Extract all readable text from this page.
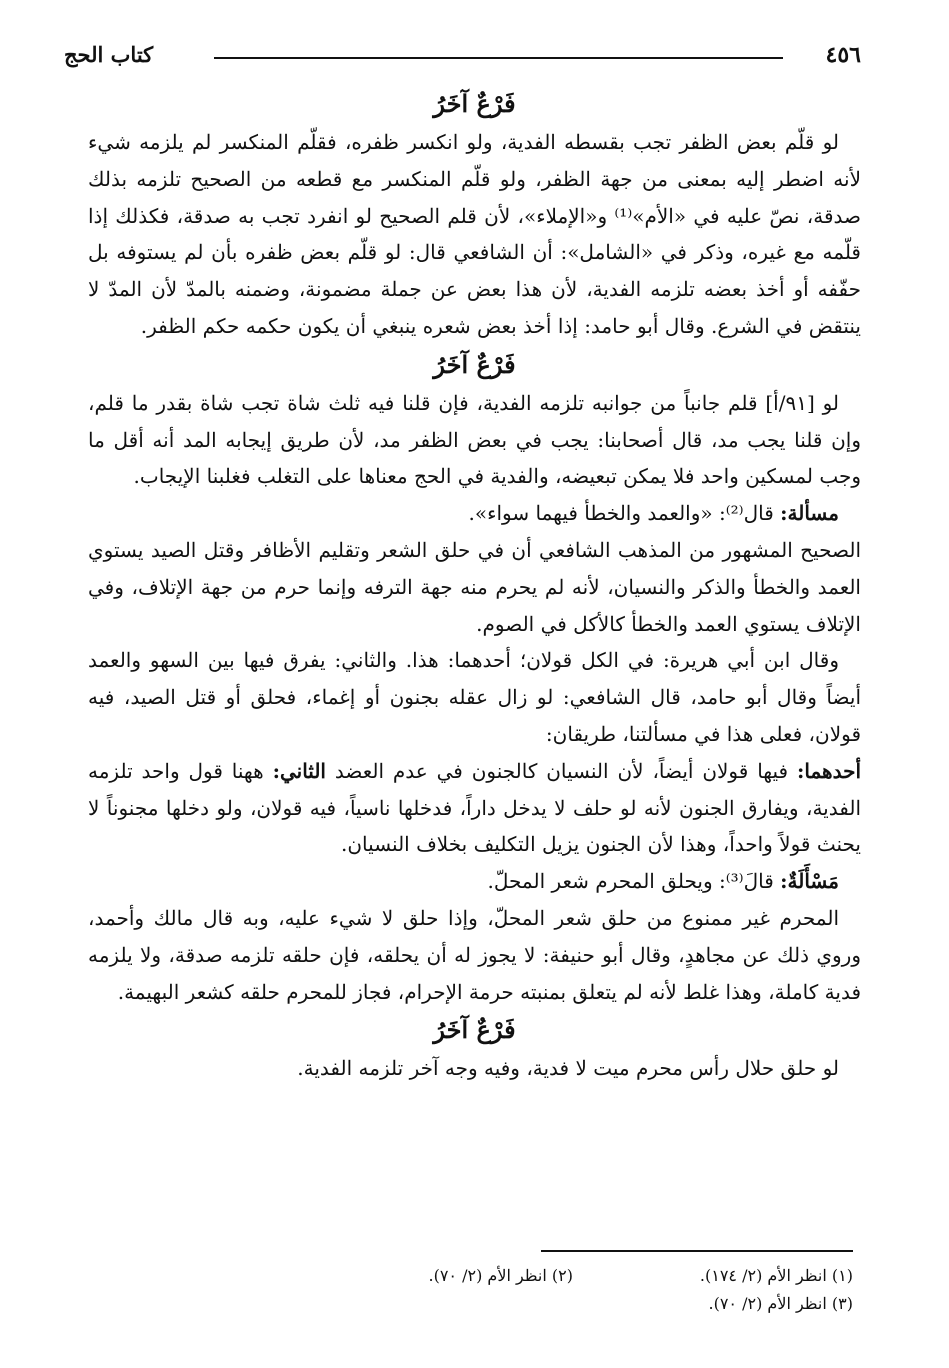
٤٥٦
كتاب الحج
فَرْعٌ آخَرُ

لو قلّم بعض الظفر تجب بقسطه الفدية، ولو انكسر ظفره، فقلّم المنكسر لم يلزمه شيء لأنه اضطر إليه بمعنى من جهة الظفر، ولو قلّم المنكسر مع قطعه من الصحيح تلزمه بذلك صدقة، نصّ عليه في «الأم»⁽¹⁾ و«الإملاء»، لأن قلم الصحيح لو انفرد تجب به صدقة، فكذلك إذا قلّمه مع غيره، وذكر في «الشامل»: أن الشافعي قال: لو قلّم بعض ظفره بأن لم يستوفه بل حفّفه أو أخذ بعضه تلزمه الفدية، لأن هذا بعض عن جملة مضمونة، وضمنه بالمدّ لأن المدّ لا ينتقض في الشرع. وقال أبو حامد: إذا أخذ بعض شعره ينبغي أن يكون حكمه حكم الظفر.

فَرْعٌ آخَرُ

لو [٩١/أ] قلم جانباً من جوانبه تلزمه الفدية، فإن قلنا فيه ثلث شاة تجب شاة بقدر ما قلم، وإن قلنا يجب مد، قال أصحابنا: يجب في بعض الظفر مد، لأن طريق إيجابه المد أنه أقل ما وجب لمسكين واحد فلا يمكن تبعيضه، والفدية في الحج معناها على التغلب فغلبنا الإيجاب.

مسألة: قال⁽²⁾: «والعمد والخطأ فيهما سواء».

الصحيح المشهور من المذهب الشافعي أن في حلق الشعر وتقليم الأظافر وقتل الصيد يستوي العمد والخطأ والذكر والنسيان، لأنه لم يحرم منه جهة الترفه وإنما حرم من جهة الإتلاف، وفي الإتلاف يستوي العمد والخطأ كالأكل في الصوم.

وقال ابن أبي هريرة: في الكل قولان؛ أحدهما: هذا. والثاني: يفرق فيها بين السهو والعمد أيضاً وقال أبو حامد، قال الشافعي: لو زال عقله بجنون أو إغماء، فحلق أو قتل الصيد، فيه قولان، فعلى هذا في مسألتنا، طريقان:

أحدهما: فيها قولان أيضاً، لأن النسيان كالجنون في عدم العضد الثاني: ههنا قول واحد تلزمه الفدية، ويفارق الجنون لأنه لو حلف لا يدخل داراً، فدخلها ناسياً، فيه قولان، ولو دخلها مجنوناً لا يحنث قولاً واحداً، وهذا لأن الجنون يزيل التكليف بخلاف النسيان.

مَسْأَلَةٌ: قالَ⁽³⁾: ويحلق المحرم شعر المحلّ.

المحرم غير ممنوع من حلق شعر المحلّ، وإذا حلق لا شيء عليه، وبه قال مالك وأحمد، وروي ذلك عن مجاهدٍ، وقال أبو حنيفة: لا يجوز له أن يحلقه، فإن حلقه تلزمه صدقة، ولا يلزمه فدية كاملة، وهذا غلط لأنه لم يتعلق بمنبته حرمة الإحرام، فجاز للمحرم حلقه كشعر البهيمة.

فَرْعٌ آخَرُ

لو حلق حلال رأس محرم ميت لا فدية، وفيه وجه آخر تلزمه الفدية.

(١) انظر الأم (٢/ ١٧٤).
(٢) انظر الأم (٢/ ٧٠).
(٣) انظر الأم (٢/ ٧٠).
